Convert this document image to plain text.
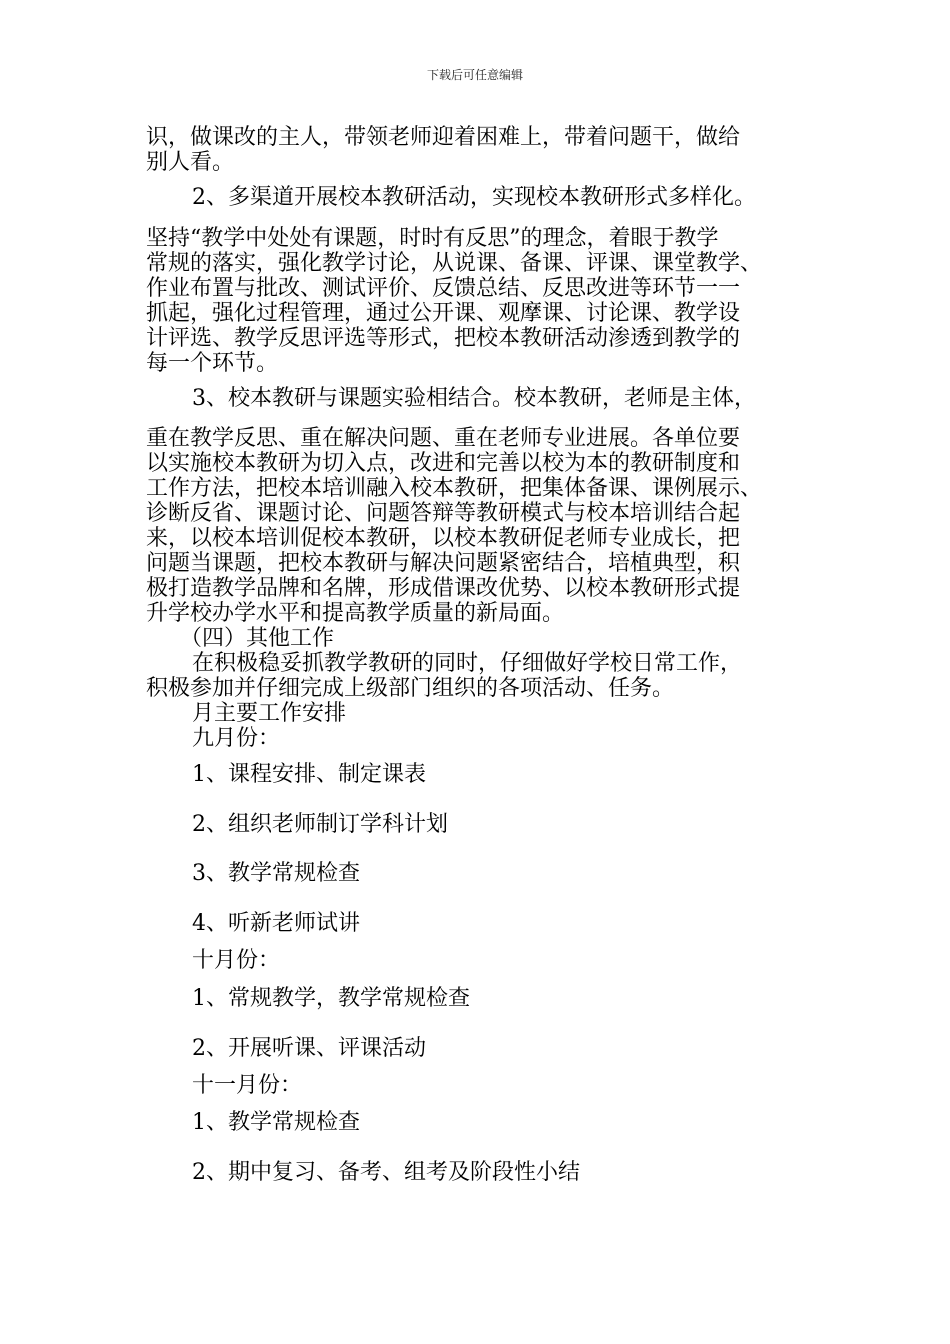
下载后可任意编辑
识，做课改的主人，带领老师迎着困难上，带着问题干，做给
别人看。
2、多渠道开展校本教研活动，实现校本教研形式多样化。
坚持“教学中处处有课题，时时有反思”的理念，着眼于教学
常规的落实，强化教学讨论，从说课、备课、评课、课堂教学、
作业布置与批改、测试评价、反馈总结、反思改进等环节一一
抓起，强化过程管理，通过公开课、观摩课、讨论课、教学设
计评选、教学反思评选等形式，把校本教研活动渗透到教学的
每一个环节。
3、校本教研与课题实验相结合。校本教研，老师是主体，
重在教学反思、重在解决问题、重在老师专业进展。各单位要
以实施校本教研为切入点，改进和完善以校为本的教研制度和
工作方法，把校本培训融入校本教研，把集体备课、课例展示、
诊断反省、课题讨论、问题答辩等教研模式与校本培训结合起
来，以校本培训促校本教研，以校本教研促老师专业成长，把
问题当课题，把校本教研与解决问题紧密结合，培植典型，积
极打造教学品牌和名牌，形成借课改优势、以校本教研形式提
升学校办学水平和提高教学质量的新局面。
（四）其他工作
在积极稳妥抓教学教研的同时，仔细做好学校日常工作，
积极参加并仔细完成上级部门组织的各项活动、任务。
月主要工作安排
九月份：
1、课程安排、制定课表
2、组织老师制订学科计划
3、教学常规检查
4、听新老师试讲
十月份：
1、常规教学，教学常规检查
2、开展听课、评课活动
十一月份：
1、教学常规检查
2、期中复习、备考、组考及阶段性小结
